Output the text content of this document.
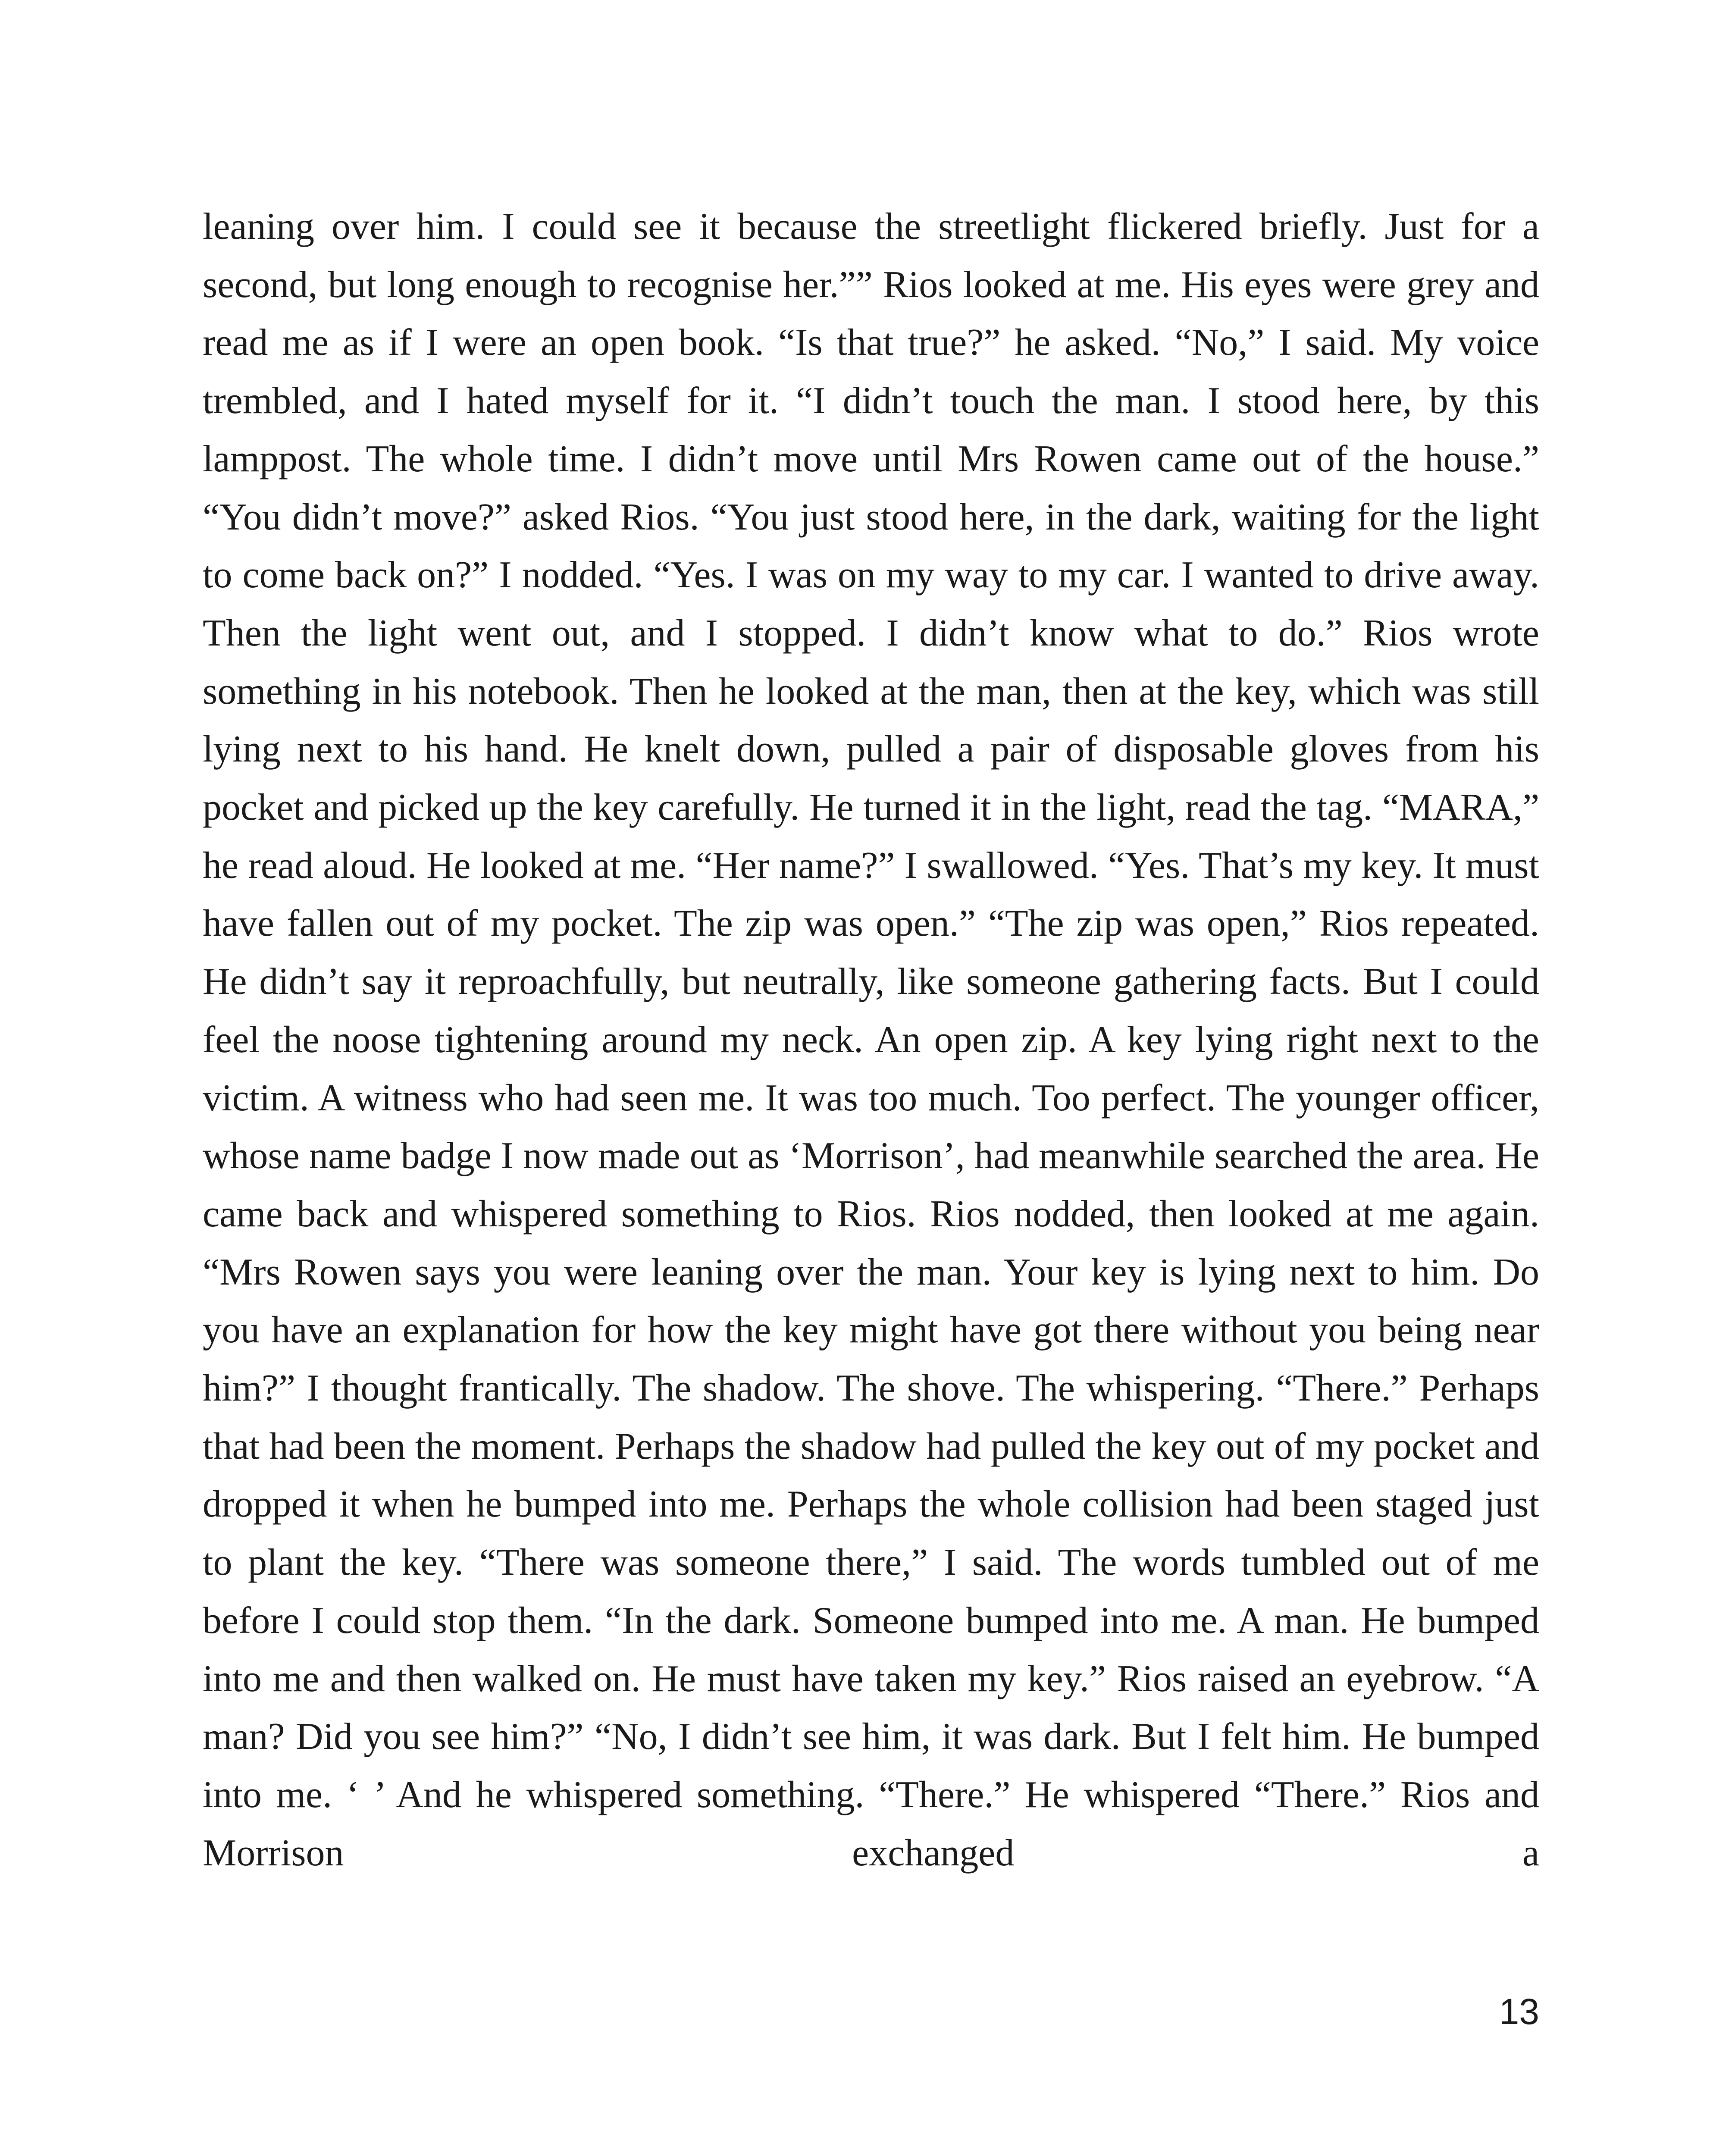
leaning over him. I could see it because the streetlight flickered briefly. Just for a second, but long enough to recognise her.”” Rios looked at me. His eyes were grey and read me as if I were an open book. “Is that true?” he asked. “No,” I said. My voice trembled, and I hated myself for it. “I didn’t touch the man. I stood here, by this lamppost. The whole time. I didn’t move until Mrs Rowen came out of the house.” “You didn’t move?” asked Rios. “You just stood here, in the dark, waiting for the light to come back on?” I nodded. “Yes. I was on my way to my car. I wanted to drive away. Then the light went out, and I stopped. I didn’t know what to do.” Rios wrote something in his notebook. Then he looked at the man, then at the key, which was still lying next to his hand. He knelt down, pulled a pair of disposable gloves from his pocket and picked up the key carefully. He turned it in the light, read the tag. “MARA,” he read aloud. He looked at me. “Her name?” I swallowed. “Yes. That’s my key. It must have fallen out of my pocket. The zip was open.” “The zip was open,” Rios repeated. He didn’t say it reproachfully, but neutrally, like someone gathering facts. But I could feel the noose tightening around my neck. An open zip. A key lying right next to the victim. A witness who had seen me. It was too much. Too perfect. The younger officer, whose name badge I now made out as ‘Morrison’, had meanwhile searched the area. He came back and whispered something to Rios. Rios nodded, then looked at me again. “Mrs Rowen says you were leaning over the man. Your key is lying next to him. Do you have an explanation for how the key might have got there without you being near him?” I thought frantically. The shadow. The shove. The whispering. “There.” Perhaps that had been the moment. Perhaps the shadow had pulled the key out of my pocket and dropped it when he bumped into me. Perhaps the whole collision had been staged just to plant the key. “There was someone there,” I said. The words tumbled out of me before I could stop them. “In the dark. Someone bumped into me. A man. He bumped into me and then walked on. He must have taken my key.” Rios raised an eyebrow. “A man? Did you see him?” “No, I didn’t see him, it was dark. But I felt him. He bumped into me. ‘ ’ And he whispered something. “There.” He whispered “There.” Rios and Morrison exchanged a

13
